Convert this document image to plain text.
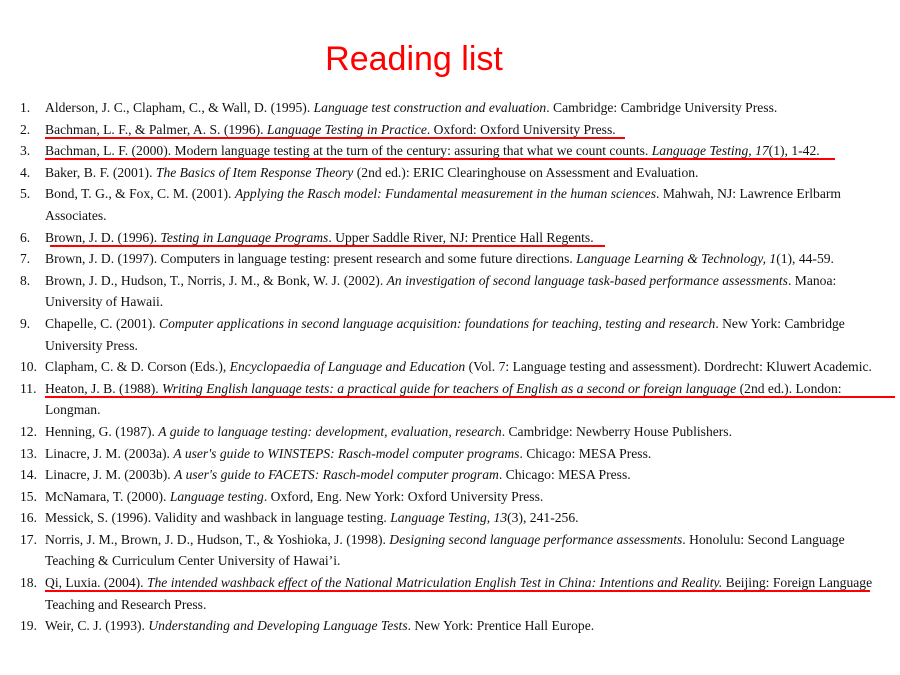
Reading list
1.	Alderson, J. C., Clapham, C., & Wall, D. (1995). Language test construction and evaluation. Cambridge: Cambridge University Press.
2.	Bachman, L. F., & Palmer, A. S. (1996). Language Testing in Practice. Oxford: Oxford University Press.
3.	Bachman, L. F. (2000). Modern language testing at the turn of the century: assuring that what we count counts. Language Testing, 17(1), 1-42.
4.	Baker, B. F. (2001). The Basics of Item Response Theory (2nd ed.): ERIC Clearinghouse on Assessment and Evaluation.
5.	Bond, T. G., & Fox, C. M. (2001). Applying the Rasch model: Fundamental measurement in the human sciences. Mahwah, NJ: Lawrence Erlbarm Associates.
6.	Brown, J. D. (1996). Testing in Language Programs. Upper Saddle River, NJ: Prentice Hall Regents.
7.	Brown, J. D. (1997). Computers in language testing: present research and some future directions. Language Learning & Technology, 1(1), 44-59.
8.	Brown, J. D., Hudson, T., Norris, J. M., & Bonk, W. J. (2002). An investigation of second language task-based performance assessments. Manoa: University of Hawaii.
9.	Chapelle, C. (2001). Computer applications in second language acquisition: foundations for teaching, testing and research. New York: Cambridge University Press.
10. Clapham, C. & D. Corson (Eds.), Encyclopaedia of Language and Education (Vol. 7: Language testing and assessment). Dordrecht: Kluwert Academic.
11. Heaton, J. B. (1988). Writing English language tests: a practical guide for teachers of English as a second or foreign language (2nd ed.). London: Longman.
12. Henning, G. (1987). A guide to language testing: development, evaluation, research. Cambridge: Newberry House Publishers.
13. Linacre, J. M. (2003a). A user's guide to WINSTEPS: Rasch-model computer programs. Chicago: MESA Press.
14. Linacre, J. M. (2003b). A user's guide to FACETS: Rasch-model computer program. Chicago: MESA Press.
15. McNamara, T. (2000). Language testing. Oxford, Eng. New York: Oxford University Press.
16. Messick, S. (1996). Validity and washback in language testing. Language Testing, 13(3), 241-256.
17. Norris, J. M., Brown, J. D., Hudson, T., & Yoshioka, J. (1998). Designing second language performance assessments. Honolulu: Second Language Teaching & Curriculum Center University of Hawai’i.
18. Qi, Luxia. (2004). The intended washback effect of the National Matriculation English Test in China: Intentions and Reality. Beijing: Foreign Language Teaching and Research Press.
19. Weir, C. J. (1993). Understanding and Developing Language Tests. New York: Prentice Hall Europe.
